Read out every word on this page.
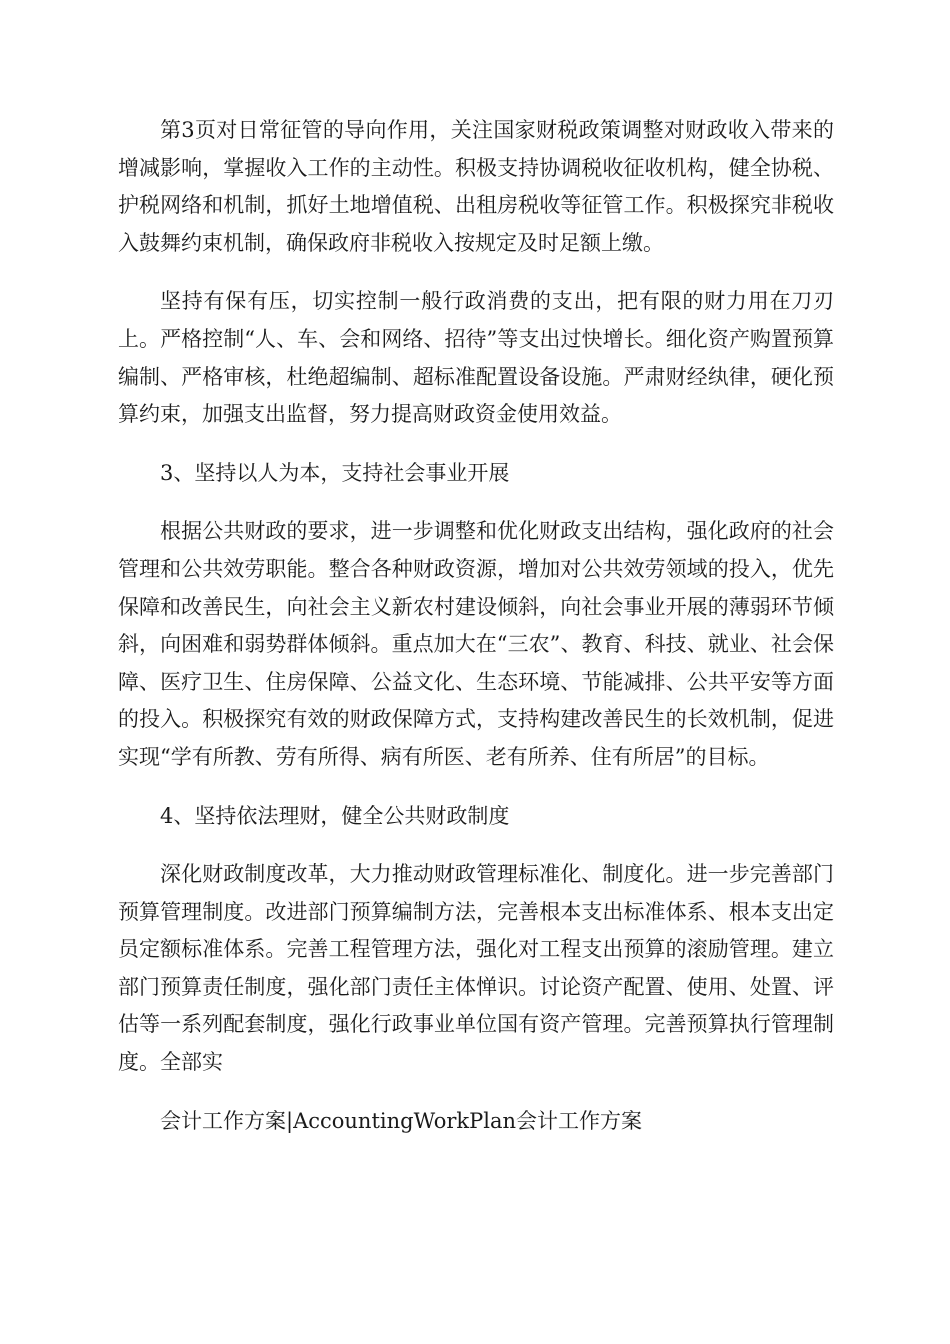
第3页对日常征管的导向作用，关注国家财税政策调整对财政收入带来的增减影响，掌握收入工作的主动性。积极支持协调税收征收机构，健全协税、护税网络和机制，抓好土地增值税、出租房税收等征管工作。积极探究非税收入鼓舞约束机制，确保政府非税收入按规定及时足额上缴。

坚持有保有压，切实控制一般行政消费的支出，把有限的财力用在刀刃上。严格控制“人、车、会和网络、招待”等支出过快增长。细化资产购置预算编制、严格审核，杜绝超编制、超标准配置设备设施。严肃财经纨律，硬化预算约束，加强支出监督，努力提高财政资金使用效益。

3、坚持以人为本，支持社会事业开展

根据公共财政的要求，进一步调整和优化财政支出结构，强化政府的社会管理和公共效劳职能。整合各种财政资源，增加对公共效劳领域的投入，优先保障和改善民生，向社会主义新农村建设倾斜，向社会事业开展的薄弱环节倾斜，向困难和弱势群体倾斜。重点加大在“三农”、教育、科技、就业、社会保障、医疗卫生、住房保障、公益文化、生态环境、节能减排、公共平安等方面的投入。积极探究有效的财政保障方式，支持构建改善民生的长效机制，促进实现“学有所教、劳有所得、病有所医、老有所养、住有所居”的目标。

4、坚持依法理财，健全公共财政制度

深化财政制度改革，大力推动财政管理标准化、制度化。进一步完善部门预算管理制度。改进部门预算编制方法，完善根本支出标准体系、根本支出定员定额标准体系。完善工程管理方法，强化对工程支出预算的滚励管理。建立部门预算责任制度，强化部门责任主体惮识。讨论资产配置、使用、处置、评估等一系列配套制度，强化行政事业单位国有资产管理。完善预算执行管理制度。全部实

会计工作方案|AccountingWorkPlan会计工作方案
